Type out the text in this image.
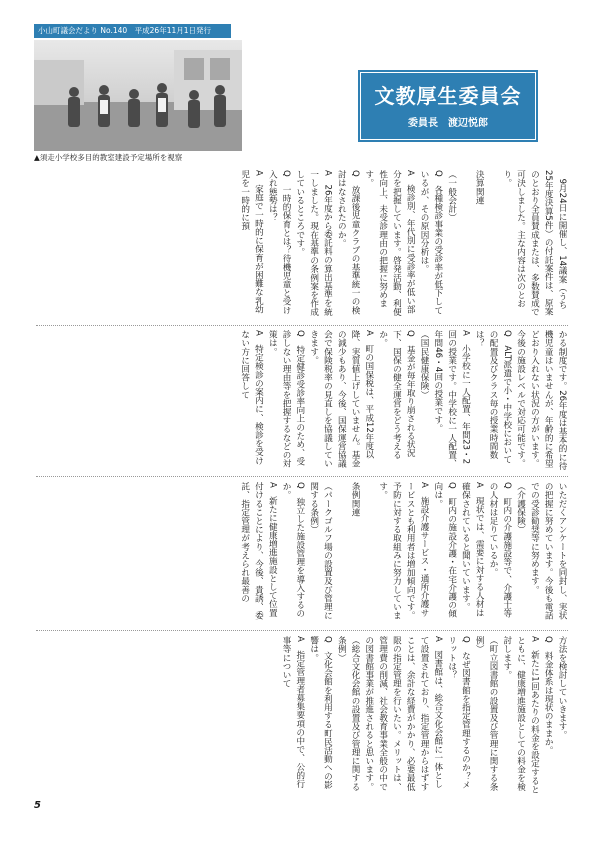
小山町議会だより No.140　平成26年11月1日発行
▲須走小学校多目的教室建設予定場所を視察
文教厚生委員会
委員長　渡辺悦郎
　9月24日に開催し、14議案（うち25年度決算5件）の付託案件は、原案のとおり全員賛成または、多数賛成で可決しました。主な内容は次のとおり。

決算関連

（一般会計）
Q　各種検診事業の受診率が低下しているが、その原因分析は。
A　検診別、年代別に受診率が低い部分を把握しています。啓発活動、利便性向上、未受診理由の把握に努めます。
Q　放課後児童クラブの基準統一の検討はなされたのか。
A　26年度から委託料の算出基準を統一しました。現在基準の条例案を作成しているところです。
Q　一時的保育とは？待機児童と受け入れ態勢は？
A　家庭で一時的に保育が困難な乳幼児を一時的に預
かる制度です。26年度は基本的に待機児童はいませんが、年齢的に希望どおり入れない状況の方がいます。今後の施設レベルで対応可能です。
Q　ALT派遣で小・中学校においての配置及びクラス毎の授業時間数は？
A　小学校に一人配置、年間23・2回の授業です。中学校に一人配置、年間46・4回の授業です。
（国民健康保険）
Q　基金が毎年取り崩される状況下、国保の健全運営をどう考えるか。
A　町の国保税は、平成12年度以降、実質値上げしていません。基金の減少もあり、今後、国保運営協議会で保険税率の見直しを協議していきます。
Q　特定健診受診率向上のため、受診しない理由等を把握するなどの対策は。
A　特定検診の案内に、検診を受けない方に回答して
いただくアンケートを同封し、実状の把握に努めています。今後も電話での受診勧奨等に努めます。
（介護保険）
Q　町内の介護施設等で、介護士等の人材は足りているか。
A　現状では、需要に対する人材は確保されていると聞いています。
Q　町内の施設介護・在宅介護の傾向は。
A　施設介護サービス・通所介護サービスとも利用者は増加傾向です。予防に対する取組みに努力しています。

条例関連

（パークゴルフ場の設置及び管理に関する条例）
Q　独立した施設管理を導入するのか。
A　新たに健康増進施設として位置付けることにより、今後、貴誘、委託、指定管理が考えられ最善の
方法を検討していきます。
Q　料金体系は現状のままか。
A　新たに1回あたりの料金を設定するとともに、健康増進施設としての料金を検討します。
（町立図書館の設置及び管理に関する条例）
Q　なぜ図書館を指定管理するのか？メリットは？
A　図書館は、総合文化会館に一体として設置されており、指定管理からはずすことは、余計な経費がかかり、必要最低限の指定管理を行いたい。メリットは、管理費の削減、社会教育事業全般の中での図書館事業が推進されると思います。
（総合文化会館の設置及び管理に関する条例）
Q　文化会館を利用する町民活動への影響は。
A　指定管理者募集要項の中で、公的行事等について
5
